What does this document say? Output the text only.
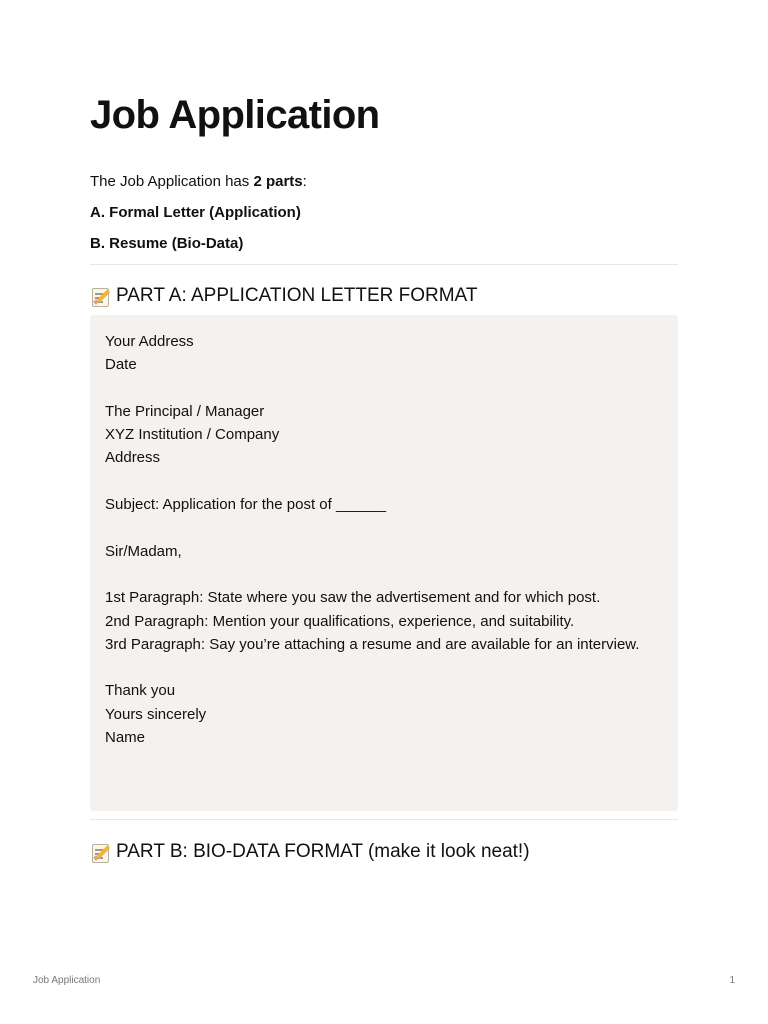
Job Application
The Job Application has 2 parts:
A. Formal Letter (Application)
B. Resume (Bio-Data)
PART A: APPLICATION LETTER FORMAT
Your Address
Date
The Principal / Manager
XYZ Institution / Company
Address
Subject: Application for the post of ______
Sir/Madam,
1st Paragraph: State where you saw the advertisement and for which post.
2nd Paragraph: Mention your qualifications, experience, and suitability.
3rd Paragraph: Say you’re attaching a resume and are available for an interview.
Thank you
Yours sincerely
Name
PART B: BIO-DATA FORMAT (make it look neat!)
Job Application	1
